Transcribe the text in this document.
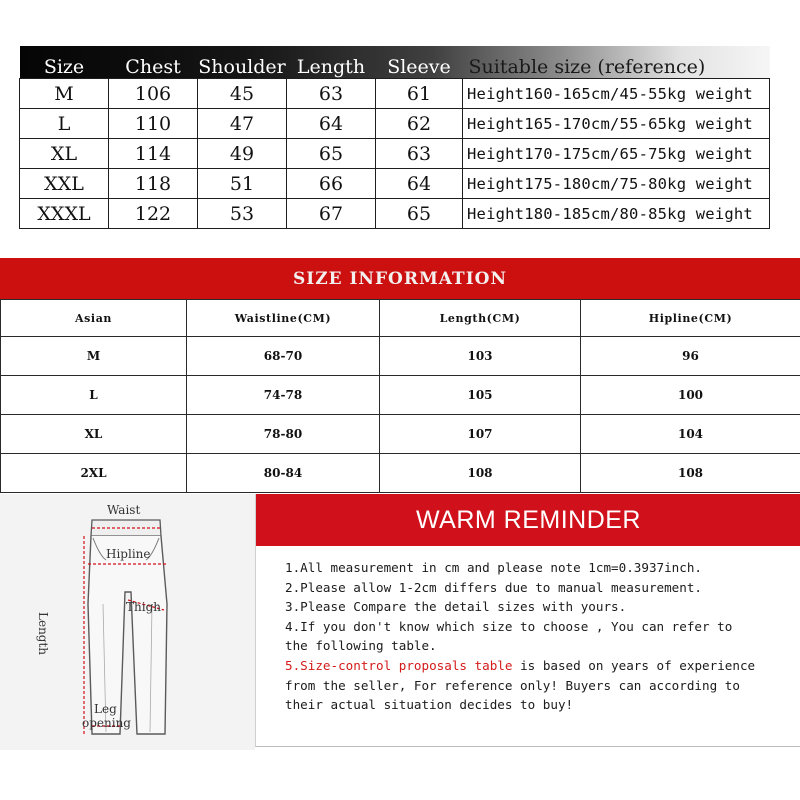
Size	Chest	Shoulder	Length	Sleeve	Suitable size (reference)
M	106	45	63	61	Height160-165cm/45-55kg weight
L	110	47	64	62	Height165-170cm/55-65kg weight
XL	114	49	65	63	Height170-175cm/65-75kg weight
XXL	118	51	66	64	Height175-180cm/75-80kg weight
XXXL	122	53	67	65	Height180-185cm/80-85kg weight
SIZE INFORMATION
Asian	Waistline(CM)	Length(CM)	Hipline(CM)
M	68-70	103	96
L	74-78	105	100
XL	78-80	107	104
2XL	80-84	108	108
Waist
Hipline
Thigh
Length
Leg
opening
WARM REMINDER

1.All measurement in cm and please note 1cm=0.3937inch.

2.Please allow 1-2cm differs due to manual measurement.

3.Please Compare the detail sizes with yours.

4.If you don't know which size to choose , You can refer to

the following table.

5.Size-control proposals table is based on years of experience

from the seller, For reference only! Buyers can according to

their actual situation decides to buy!
